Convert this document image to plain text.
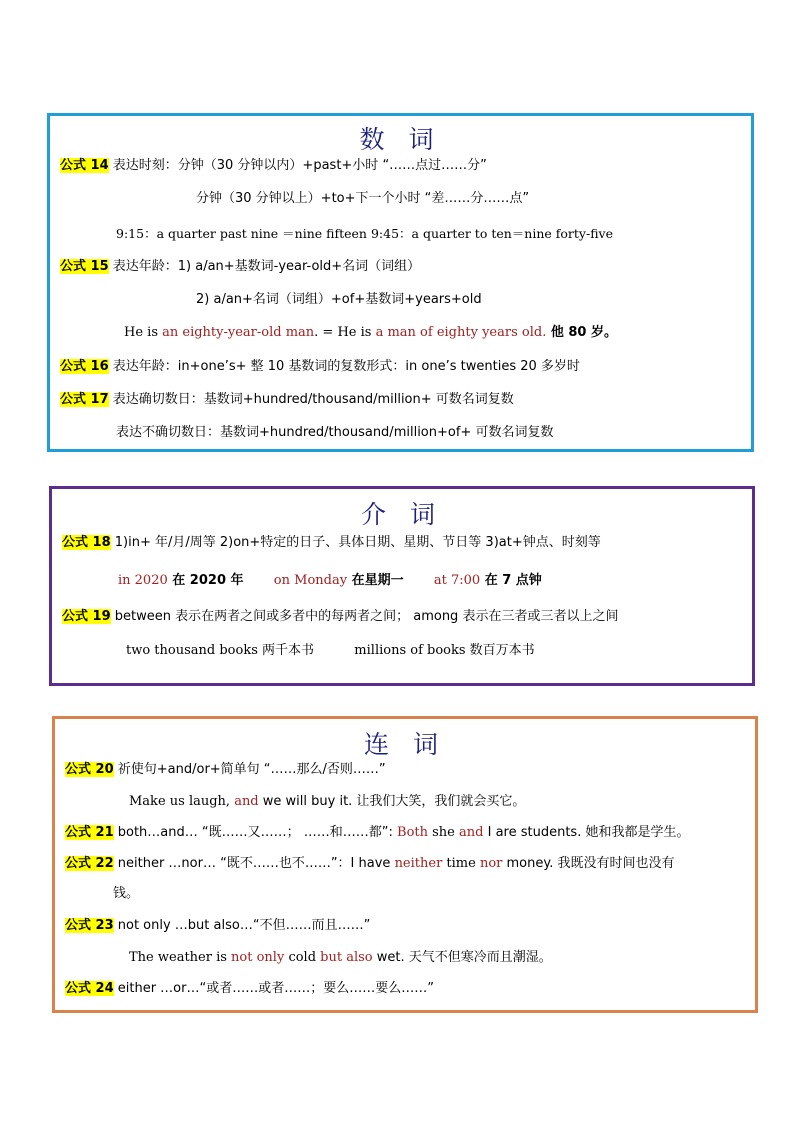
数 词
公式 14 表达时刻：分钟（30 分钟以内）+past+小时 “……点过……分”
分钟（30 分钟以上）+to+下一个小时 “差……分……点”
9:15：a quarter past nine ＝nine fifteen 9:45：a quarter to ten＝nine forty-five
公式 15 表达年龄：1) a/an+基数词-year-old+名词（词组）
2) a/an+名词（词组）+of+基数词+years+old
He is an eighty-year-old man. = He is a man of eighty years old. 他 80 岁。
公式 16 表达年龄：in+one’s+ 整 10 基数词的复数形式：in one’s twenties 20 多岁时
公式 17 表达确切数日：基数词+hundred/thousand/million+ 可数名词复数
表达不确切数日：基数词+hundred/thousand/million+of+ 可数名词复数
介 词
公式 18 1)in+ 年/月/周等 2)on+特定的日子、具体日期、星期、节日等 3)at+钟点、时刻等
in 2020 在 2020 年 on Monday 在星期一 at 7:00 在 7 点钟
公式 19 between 表示在两者之间或多者中的每两者之间； among 表示在三者或三者以上之间
two thousand books 两千本书	millions of books 数百万本书
连 词
公式 20 祈使句+and/or+简单句 “……那么/否则……”
Make us laugh, and we will buy it. 让我们大笑，我们就会买它。
公式 21 both…and… “既……又……； ……和……都”: Both she and I are students. 她和我都是学生。
公式 22 neither …nor… “既不……也不……”：I have neither time nor money. 我既没有时间也没有
钱。
公式 23 not only …but also…“不但……而且……”
The weather is not only cold but also wet. 天气不但寒冷而且潮湿。
公式 24 either …or…“或者……或者……；要么……要么……”
